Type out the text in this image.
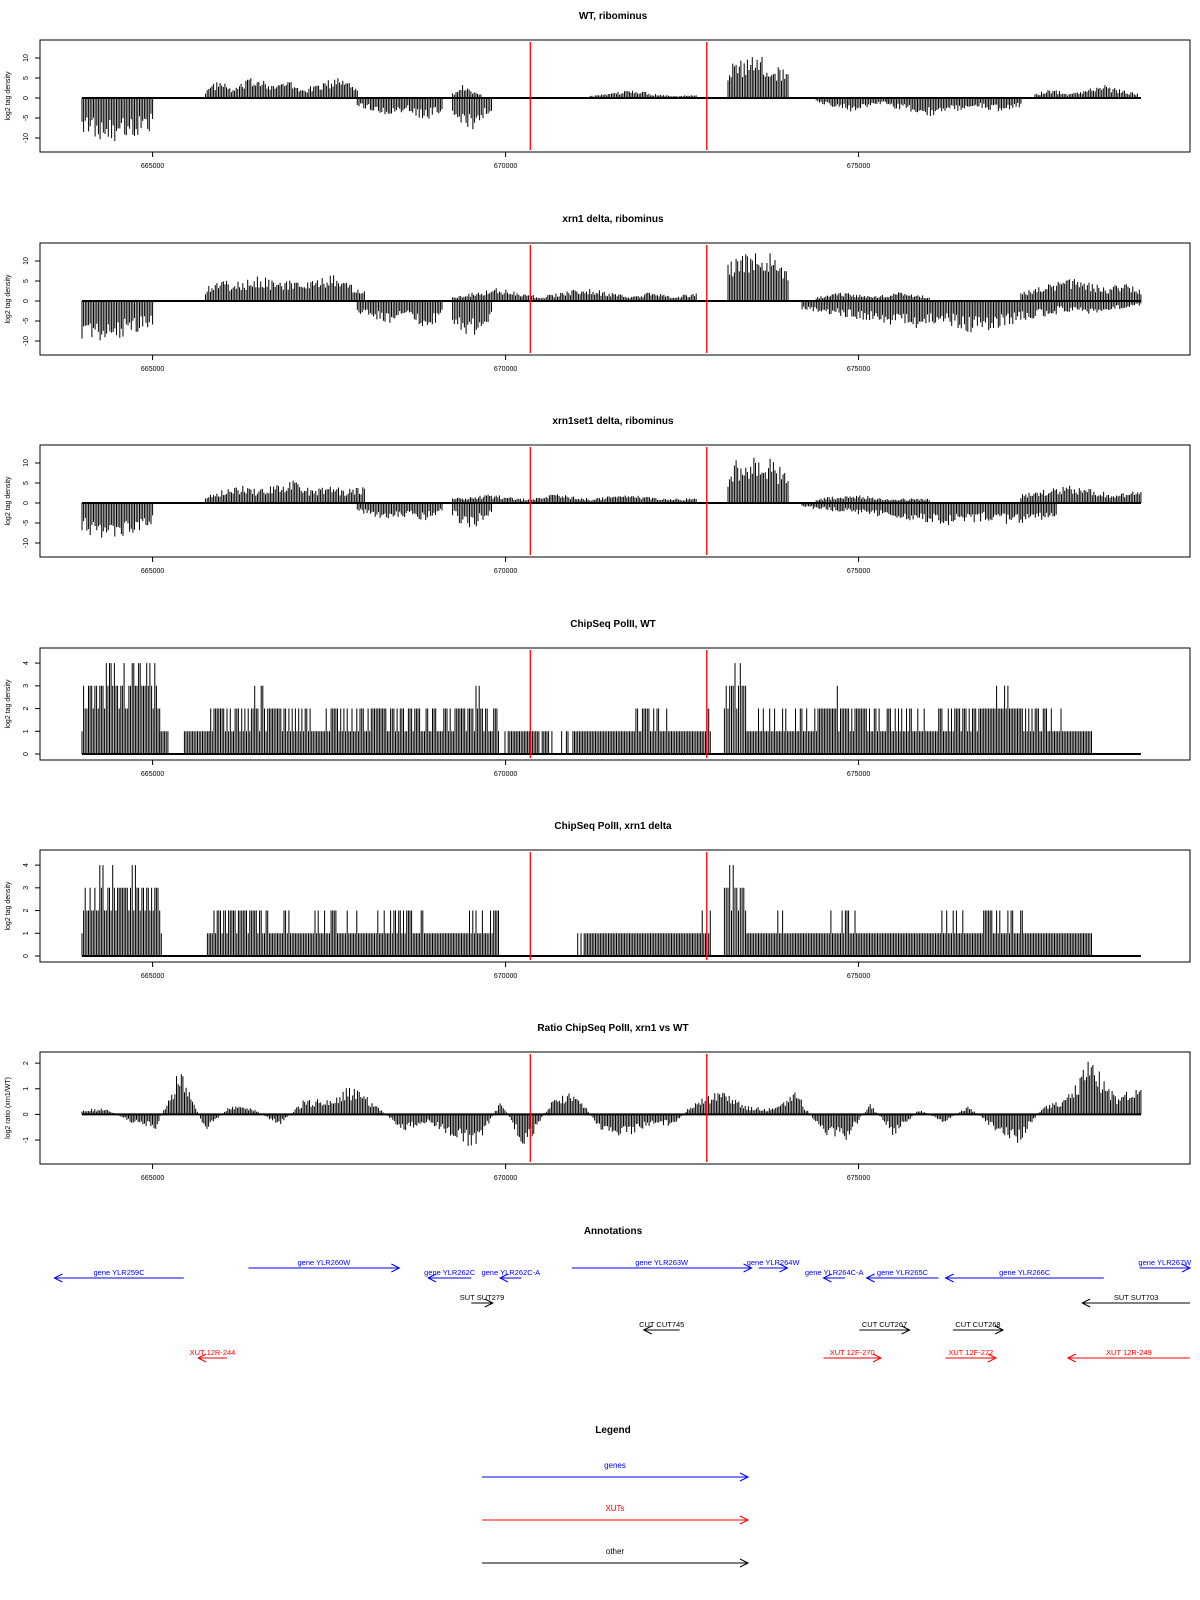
WT, ribominus
-10
-5
0
5
10
log2 tag density
665000	670000	675000
xrn1 delta, ribominus
-10
-5
0
5
10
log2 tag density
665000	670000	675000
xrn1set1 delta, ribominus
-10
-5
0
5
10
log2 tag density
665000	670000	675000
ChipSeq PolII, WT
0
1
2
3
4
log2 tag density
665000	670000	675000
ChipSeq PolII, xrn1 delta
0
1
2
3
4
log2 tag density
665000	670000	675000
Ratio ChipSeq PolII, xrn1 vs WT
-1
0
1
2
log2 ratio (xrn1/WT)
665000	670000	675000
Annotations
gene YLR259C
gene YLR260W
gene YLR262C gene YLR262C-A
gene YLR263W	gene YLR264W
gene YLR264C-A gene YLR265C	gene YLR266C
gene YLR267W
SUT SUT279
CUT CUT745	CUT CUT267	CUT CUT268
SUT SUT703
XUT 12R-244	XUT 12F-270	XUT 12F-272	XUT 12R-249
Legend
genes
XUTs
other
